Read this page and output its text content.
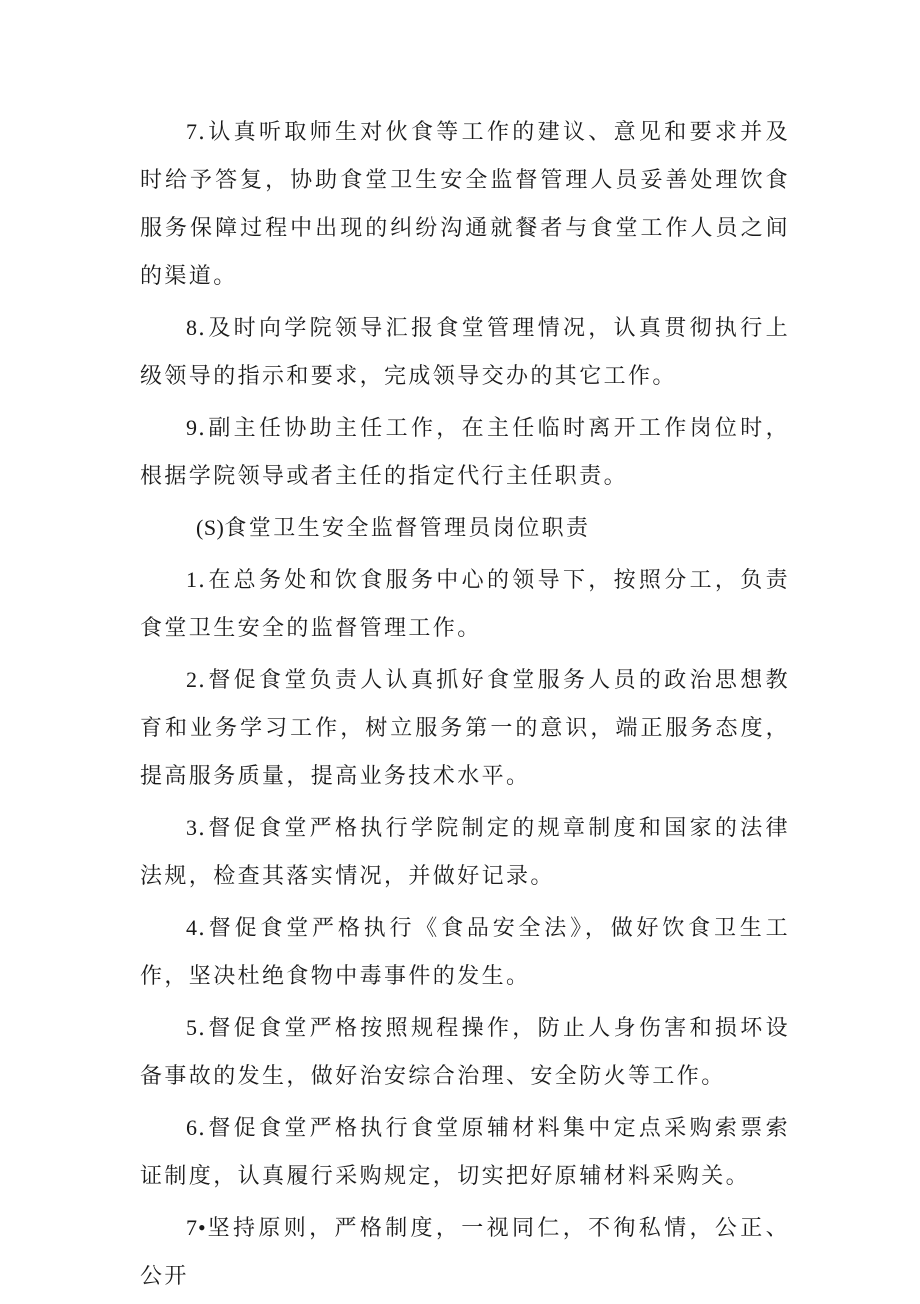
7.认真听取师生对伙食等工作的建议、意见和要求并及时给予答复，协助食堂卫生安全监督管理人员妥善处理饮食服务保障过程中出现的纠纷沟通就餐者与食堂工作人员之间的渠道。

8.及时向学院领导汇报食堂管理情况，认真贯彻执行上级领导的指示和要求，完成领导交办的其它工作。

9.副主任协助主任工作，在主任临时离开工作岗位时，根据学院领导或者主任的指定代行主任职责。

(S)食堂卫生安全监督管理员岗位职责

1.在总务处和饮食服务中心的领导下，按照分工，负责食堂卫生安全的监督管理工作。

2.督促食堂负责人认真抓好食堂服务人员的政治思想教育和业务学习工作，树立服务第一的意识，端正服务态度，提高服务质量，提高业务技术水平。

3.督促食堂严格执行学院制定的规章制度和国家的法律法规，检查其落实情况，并做好记录。

4.督促食堂严格执行《食品安全法》，做好饮食卫生工作，坚决杜绝食物中毒事件的发生。

5.督促食堂严格按照规程操作，防止人身伤害和损坏设备事故的发生，做好治安综合治理、安全防火等工作。

6.督促食堂严格执行食堂原辅材料集中定点采购索票索证制度，认真履行采购规定，切实把好原辅材料采购关。

7•坚持原则，严格制度，一视同仁，不徇私情，公正、公开
